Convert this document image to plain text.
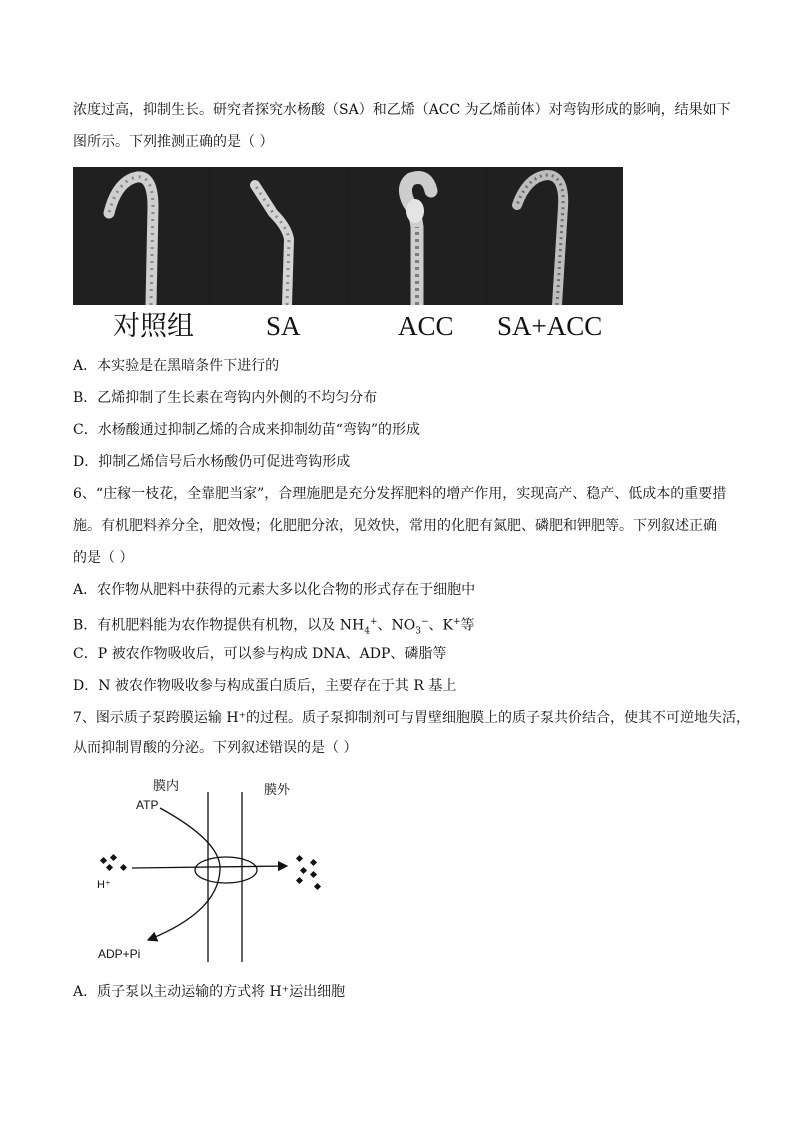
浓度过高，抑制生长。研究者探究水杨酸（SA）和乙烯（ACC 为乙烯前体）对弯钩形成的影响，结果如下
图所示。下列推测正确的是（ ）
对照组	SA	ACC SA+ACC
A．本实验是在黑暗条件下进行的
B．乙烯抑制了生长素在弯钩内外侧的不均匀分布
C．水杨酸通过抑制乙烯的合成来抑制幼苗“弯钩”的形成
D．抑制乙烯信号后水杨酸仍可促进弯钩形成
6、“庄稼一枝花，全靠肥当家”，合理施肥是充分发挥肥料的增产作用，实现高产、稳产、低成本的重要措
施。有机肥料养分全，肥效慢；化肥肥分浓，见效快，常用的化肥有氮肥、磷肥和钾肥等。下列叙述正确
的是（ ）
A．农作物从肥料中获得的元素大多以化合物的形式存在于细胞中
B．有机肥料能为农作物提供有机物，以及 $NH_4^+$、$NO_3^-$、K+等
C．P 被农作物吸收后，可以参与构成 DNA、ADP、磷脂等
D．N 被农作物吸收参与构成蛋白质后，主要存在于其 R 基上
7、图示质子泵跨膜运输 H⁺的过程。质子泵抑制剂可与胃壁细胞膜上的质子泵共价结合，使其不可逆地失活，
从而抑制胃酸的分泌。下列叙述错误的是（ ）
膜内	膜外
ATP
H⁺
ADP+Pi
A．质子泵以主动运输的方式将 H⁺运出细胞
